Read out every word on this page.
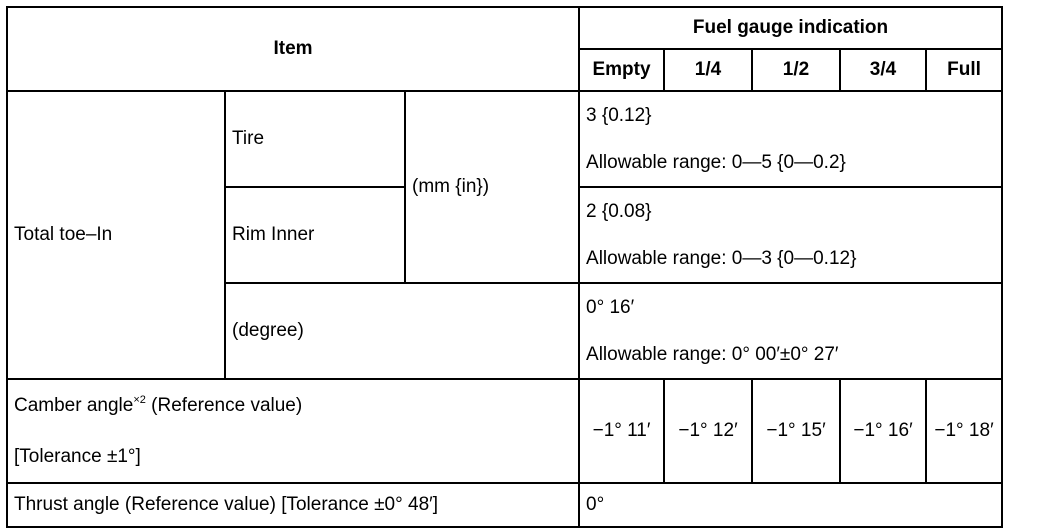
Item			Fuel gauge indication				
			Empty	1/4	1/2	3/4	Full
Total toe–In	Tire	(mm {in})	3 {0.12}
Allowable range: 0—5 {0—0.2}				

	Rim Inner		2 {0.08}
Allowable range: 0—3 {0—0.12}				

	(degree)		0° 16′
Allowable range: 0° 00′±0° 27′				

Camber angle$^{\times 2}$ (Reference value)
[Tolerance ±1°]			−1° 11′	−1° 12′	−1° 15′	−1° 16′	−1° 18′
Thrust angle (Reference value) [Tolerance ±0° 48′]			0°				
